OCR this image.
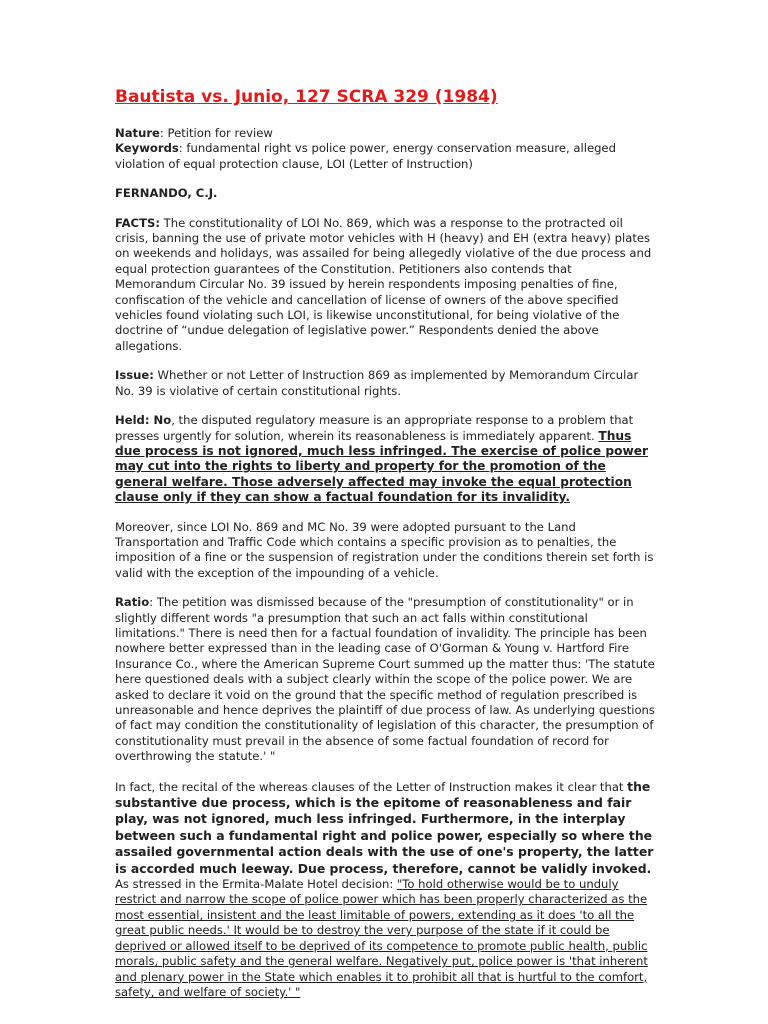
Bautista vs. Junio, 127 SCRA 329 (1984)

Nature: Petition for review

Keywords: fundamental right vs police power, energy conservation measure, alleged violation of equal protection clause, LOI (Letter of Instruction)

FERNANDO, C.J.

FACTS: The constitutionality of LOI No. 869, which was a response to the protracted oil crisis, banning the use of private motor vehicles with H (heavy) and EH (extra heavy) plates on weekends and holidays, was assailed for being allegedly violative of the due process and equal protection guarantees of the Constitution. Petitioners also contends that Memorandum Circular No. 39 issued by herein respondents imposing penalties of fine, confiscation of the vehicle and cancellation of license of owners of the above specified vehicles found violating such LOI, is likewise unconstitutional, for being violative of the doctrine of “undue delegation of legislative power.” Respondents denied the above allegations.

Issue: Whether or not Letter of Instruction 869 as implemented by Memorandum Circular No. 39 is violative of certain constitutional rights.

Held: No, the disputed regulatory measure is an appropriate response to a problem that presses urgently for solution, wherein its reasonableness is immediately apparent. Thus due process is not ignored, much less infringed. The exercise of police power may cut into the rights to liberty and property for the promotion of the general welfare. Those adversely affected may invoke the equal protection clause only if they can show a factual foundation for its invalidity.

Moreover, since LOI No. 869 and MC No. 39 were adopted pursuant to the Land Transportation and Traffic Code which contains a specific provision as to penalties, the imposition of a fine or the suspension of registration under the conditions therein set forth is valid with the exception of the impounding of a vehicle.

Ratio: The petition was dismissed because of the "presumption of constitutionality" or in slightly different words "a presumption that such an act falls within constitutional limitations." There is need then for a factual foundation of invalidity. The principle has been nowhere better expressed than in the leading case of O'Gorman & Young v. Hartford Fire Insurance Co., where the American Supreme Court summed up the matter thus: 'The statute here questioned deals with a subject clearly within the scope of the police power. We are asked to declare it void on the ground that the specific method of regulation prescribed is unreasonable and hence deprives the plaintiff of due process of law. As underlying questions of fact may condition the constitutionality of legislation of this character, the presumption of constitutionality must prevail in the absence of some factual foundation of record for overthrowing the statute.' "

In fact, the recital of the whereas clauses of the Letter of Instruction makes it clear that the substantive due process, which is the epitome of reasonableness and fair play, was not ignored, much less infringed. Furthermore, in the interplay between such a fundamental right and police power, especially so where the assailed governmental action deals with the use of one's property, the latter is accorded much leeway. Due process, therefore, cannot be validly invoked. As stressed in the Ermita-Malate Hotel decision: "To hold otherwise would be to unduly restrict and narrow the scope of police power which has been properly characterized as the most essential, insistent and the least limitable of powers, extending as it does 'to all the great public needs.' It would be to destroy the very purpose of the state if it could be deprived or allowed itself to be deprived of its competence to promote public health, public morals, public safety and the general welfare. Negatively put, police power is 'that inherent and plenary power in the State which enables it to prohibit all that is hurtful to the comfort, safety, and welfare of society.' "
